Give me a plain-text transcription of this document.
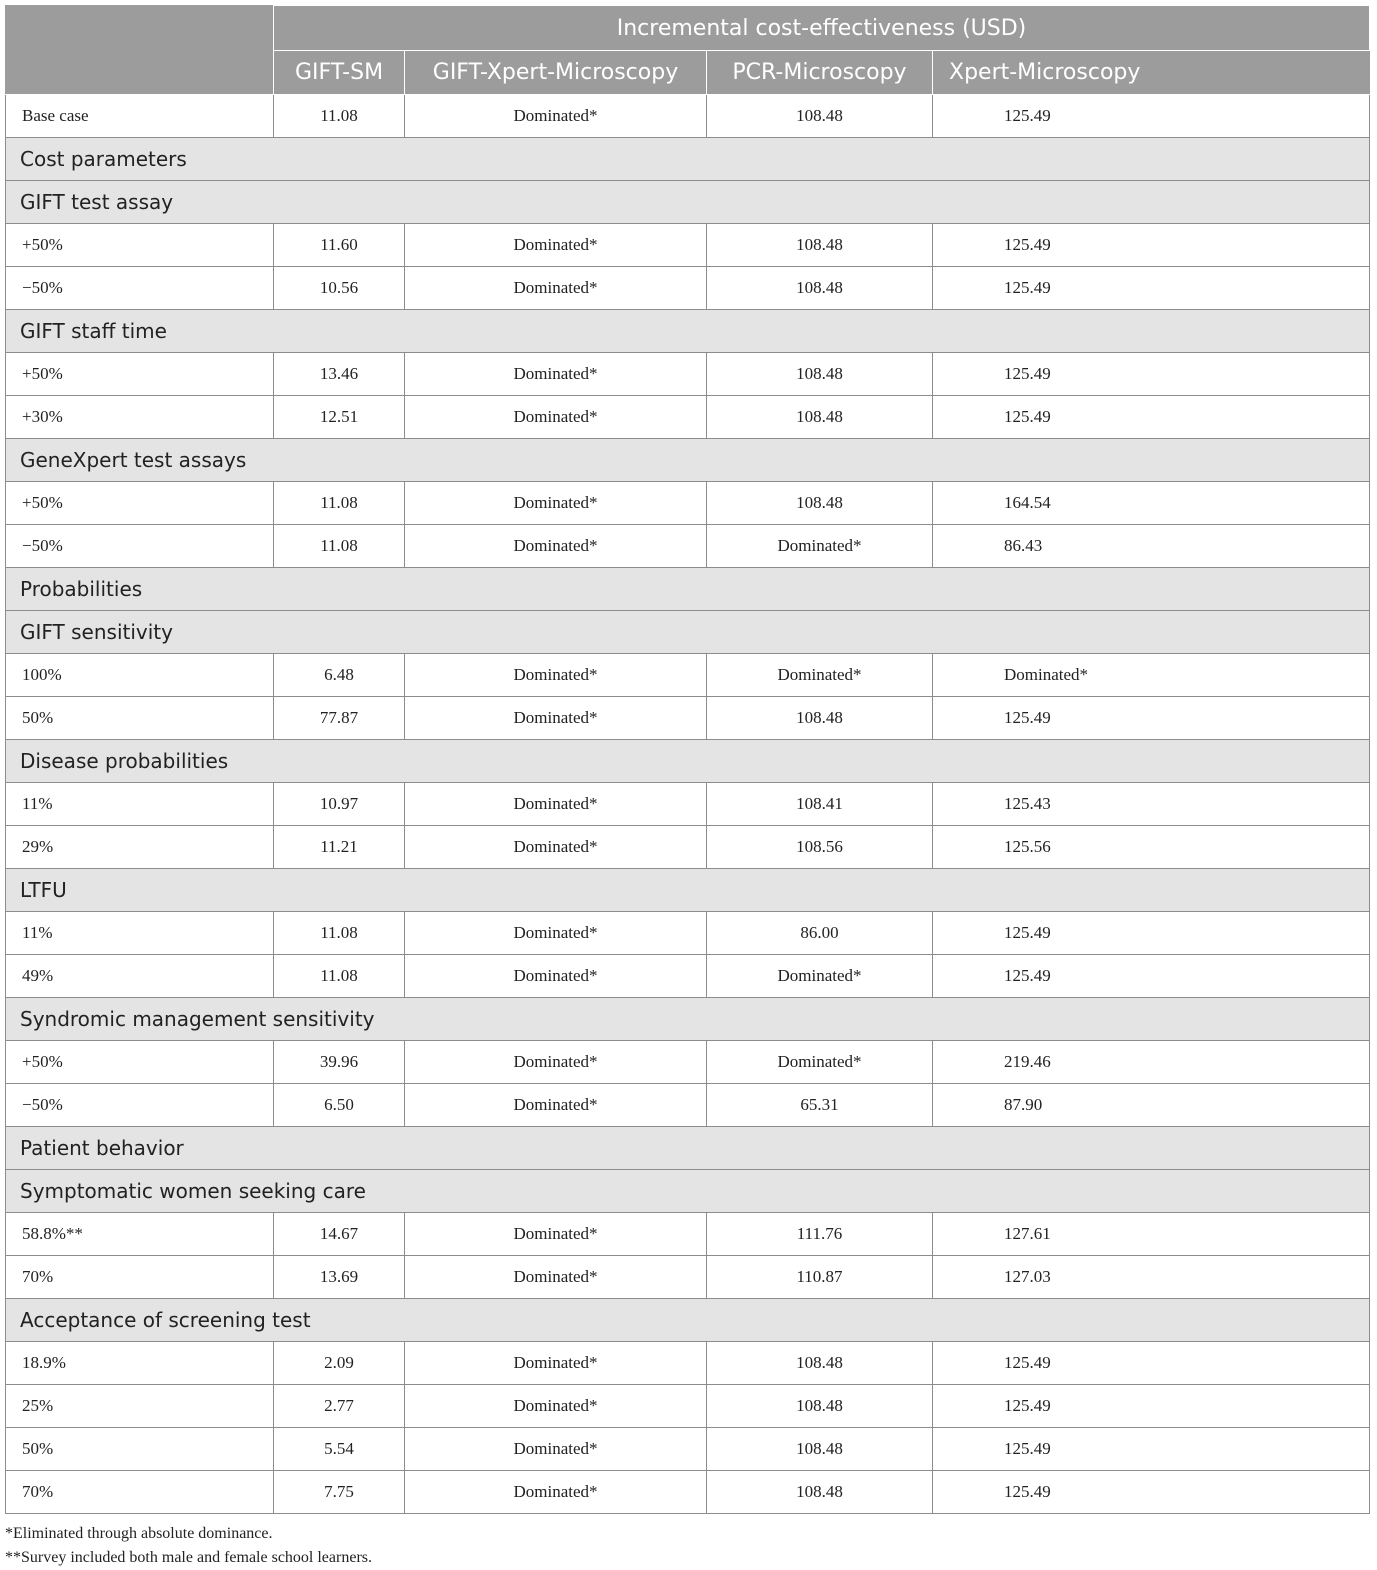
	Incremental cost-effectiveness (USD)			
	GIFT-SM	GIFT-Xpert-Microscopy	PCR-Microscopy	Xpert-Microscopy
Base case	11.08	Dominated*	108.48	125.49
Cost parameters				
GIFT test assay				
+50%	11.60	Dominated*	108.48	125.49
−50%	10.56	Dominated*	108.48	125.49
GIFT staff time				
+50%	13.46	Dominated*	108.48	125.49
+30%	12.51	Dominated*	108.48	125.49
GeneXpert test assays				
+50%	11.08	Dominated*	108.48	164.54
−50%	11.08	Dominated*	Dominated*	86.43
Probabilities				
GIFT sensitivity				
100%	6.48	Dominated*	Dominated*	Dominated*
50%	77.87	Dominated*	108.48	125.49
Disease probabilities				
11%	10.97	Dominated*	108.41	125.43
29%	11.21	Dominated*	108.56	125.56
LTFU				
11%	11.08	Dominated*	86.00	125.49
49%	11.08	Dominated*	Dominated*	125.49
Syndromic management sensitivity				
+50%	39.96	Dominated*	Dominated*	219.46
−50%	6.50	Dominated*	65.31	87.90
Patient behavior				
Symptomatic women seeking care				
58.8%**	14.67	Dominated*	111.76	127.61
70%	13.69	Dominated*	110.87	127.03
Acceptance of screening test				
18.9%	2.09	Dominated*	108.48	125.49
25%	2.77	Dominated*	108.48	125.49
50%	5.54	Dominated*	108.48	125.49
70%	7.75	Dominated*	108.48	125.49
*Eliminated through absolute dominance.
**Survey included both male and female school learners.
